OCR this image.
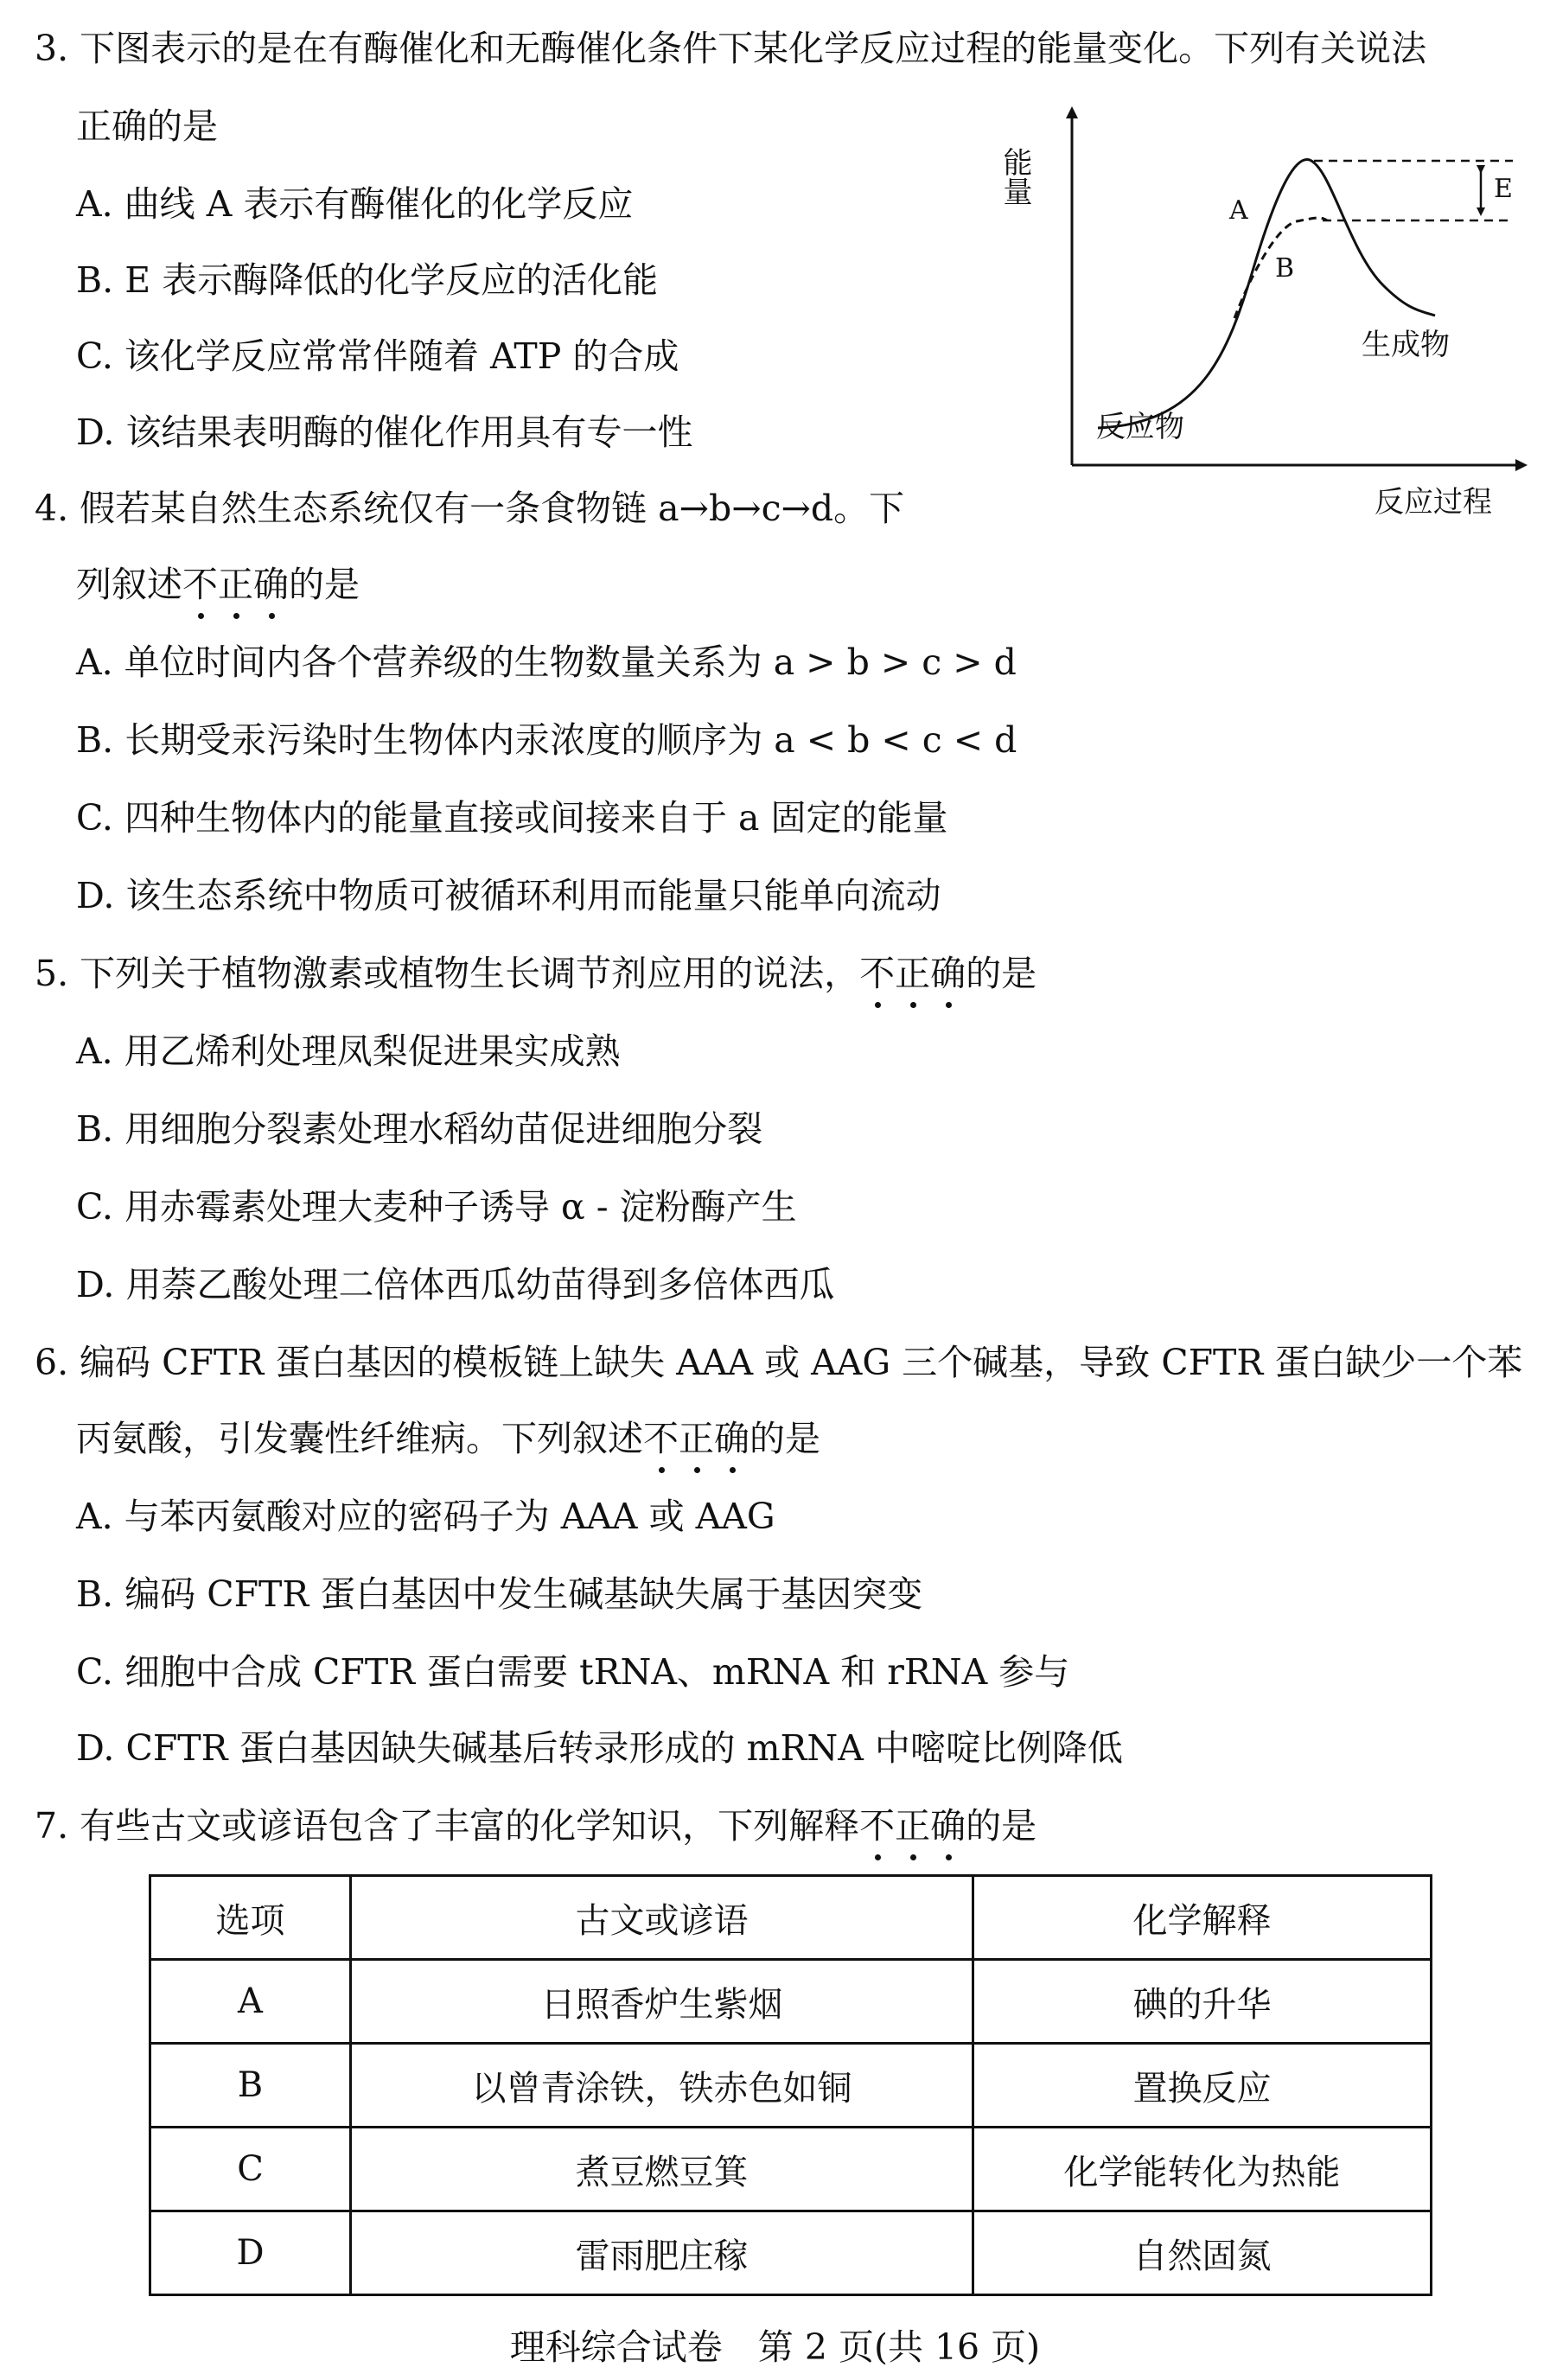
3. 下图表示的是在有酶催化和无酶催化条件下某化学反应过程的能量变化。下列有关说法
正确的是
A. 曲线 A 表示有酶催化的化学反应
B. E 表示酶降低的化学反应的活化能
C. 该化学反应常常伴随着 ATP 的合成
D. 该结果表明酶的催化作用具有专一性
能量	E
A
B
生成物
反应物
反应过程
4. 假若某自然生态系统仅有一条食物链 a→b→c→d。下
列叙述不正确的是
A. 单位时间内各个营养级的生物数量关系为 a > b > c > d
B. 长期受汞污染时生物体内汞浓度的顺序为 a < b < c < d
C. 四种生物体内的能量直接或间接来自于 a 固定的能量
D. 该生态系统中物质可被循环利用而能量只能单向流动
5. 下列关于植物激素或植物生长调节剂应用的说法，不正确的是
A. 用乙烯利处理凤梨促进果实成熟
B. 用细胞分裂素处理水稻幼苗促进细胞分裂
C. 用赤霉素处理大麦种子诱导 α - 淀粉酶产生
D. 用萘乙酸处理二倍体西瓜幼苗得到多倍体西瓜
6. 编码 CFTR 蛋白基因的模板链上缺失 AAA 或 AAG 三个碱基，导致 CFTR 蛋白缺少一个苯
丙氨酸，引发囊性纤维病。下列叙述不正确的是
A. 与苯丙氨酸对应的密码子为 AAA 或 AAG
B. 编码 CFTR 蛋白基因中发生碱基缺失属于基因突变
C. 细胞中合成 CFTR 蛋白需要 tRNA、mRNA 和 rRNA 参与
D. CFTR 蛋白基因缺失碱基后转录形成的 mRNA 中嘧啶比例降低
7. 有些古文或谚语包含了丰富的化学知识，下列解释不正确的是
选项	古文或谚语	化学解释
A	日照香炉生紫烟	碘的升华
B	以曾青涂铁，铁赤色如铜	置换反应
C	煮豆燃豆箕	化学能转化为热能
D	雷雨肥庄稼	自然固氮
理科综合试卷　第 2 页(共 16 页)
